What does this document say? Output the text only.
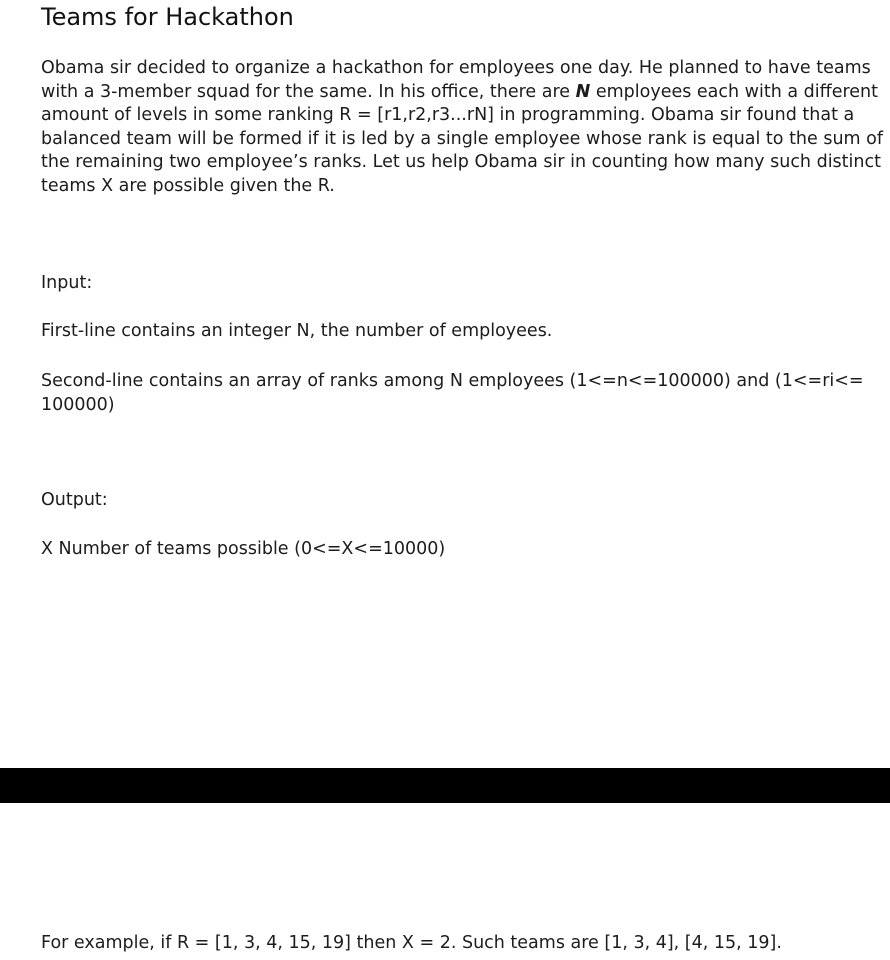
Teams for Hackathon

Obama sir decided to organize a hackathon for employees one day. He planned to have teams
with a 3-member squad for the same. In his office, there are N employees each with a different
amount of levels in some ranking R = [r1,r2,r3...rN] in programming. Obama sir found that a
balanced team will be formed if it is led by a single employee whose rank is equal to the sum of
the remaining two employee’s ranks. Let us help Obama sir in counting how many such distinct
teams X are possible given the R.

Input:

First-line contains an integer N, the number of employees.

Second-line contains an array of ranks among N employees (1<=n<=100000) and (1<=ri<=
100000)

Output:

X Number of teams possible (0<=X<=10000)

For example, if R = [1, 3, 4, 15, 19] then X = 2. Such teams are [1, 3, 4], [4, 15, 19].
